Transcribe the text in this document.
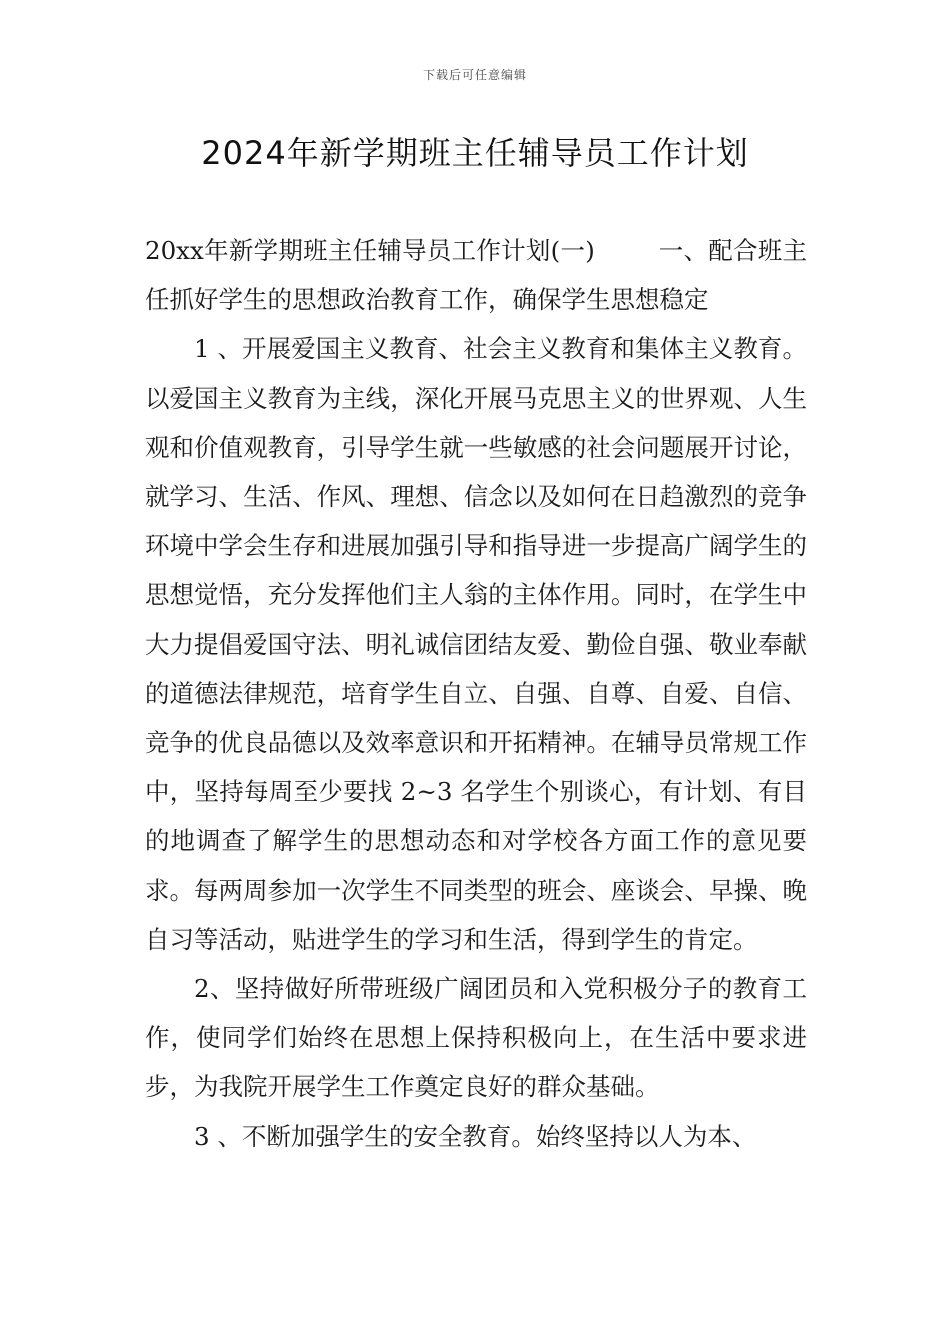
下载后可任意编辑
2024年新学期班主任辅导员工作计划

20xx年新学期班主任辅导员工作计划(一)	一、配合班主任抓好学生的思想政治教育工作，确保学生思想稳定

1 、开展爱国主义教育、社会主义教育和集体主义教育。以爱国主义教育为主线，深化开展马克思主义的世界观、人生观和价值观教育，引导学生就一些敏感的社会问题展开讨论，就学习、生活、作风、理想、信念以及如何在日趋激烈的竞争环境中学会生存和进展加强引导和指导进一步提高广阔学生的思想觉悟，充分发挥他们主人翁的主体作用。同时，在学生中大力提倡爱国守法、明礼诚信团结友爱、勤俭自强、敬业奉献的道德法律规范，培育学生自立、自强、自尊、自爱、自信、竞争的优良品德以及效率意识和开拓精神。在辅导员常规工作中，坚持每周至少要找 2~3 名学生个别谈心，有计划、有目的地调查了解学生的思想动态和对学校各方面工作的意见要求。每两周参加一次学生不同类型的班会、座谈会、早操、晚自习等活动，贴进学生的学习和生活，得到学生的肯定。

2、坚持做好所带班级广阔团员和入党积极分子的教育工作，使同学们始终在思想上保持积极向上，在生活中要求进步，为我院开展学生工作奠定良好的群众基础。

3 、不断加强学生的安全教育。始终坚持以人为本、
